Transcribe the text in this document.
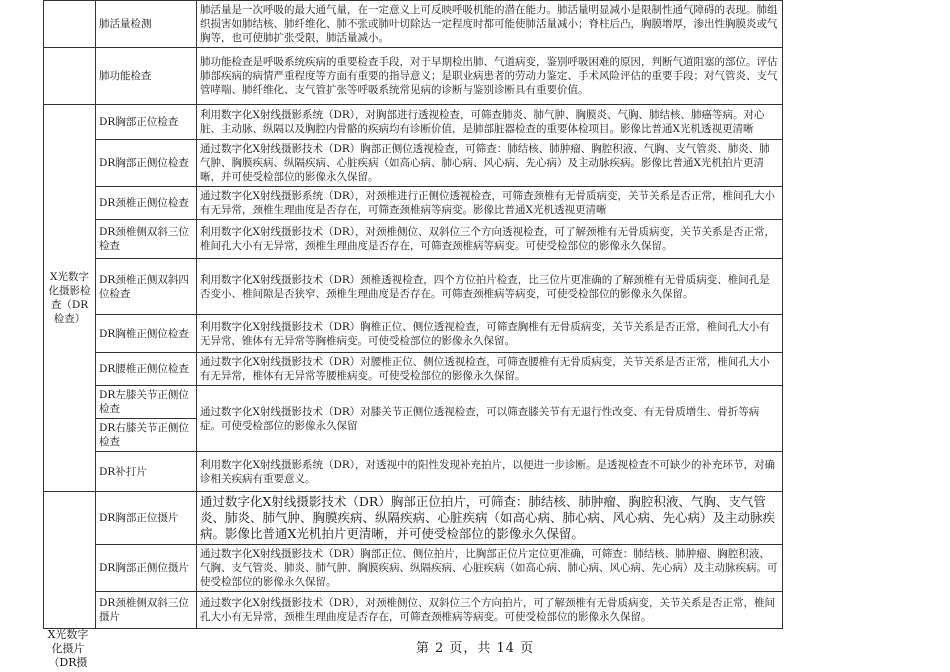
	肺活量检测	肺活量是一次呼吸的最大通气量，在一定意义上可反映呼吸机能的潜在能力。肺活量明显减小是限制性通气障碍的表现。肺组织损害如肺结核、肺纤维化、肺不张或肺叶切除达一定程度时都可能使肺活量减小；脊柱后凸，胸膜增厚，渗出性胸膜炎或气胸等，也可使肺扩张受限，肺活量减小。
	肺功能检查	肺功能检查是呼吸系统疾病的重要检查手段，对于早期检出肺、气道病变，鉴别呼吸困难的原因，判断气道阻塞的部位。评估肺部疾病的病情严重程度等方面有重要的指导意义；是职业病患者的劳动力鉴定、手术风险评估的重要手段；对气管炎、支气管哮喘、肺纤维化、支气管扩张等呼吸系统常见病的诊断与鉴别诊断具有重要价值。
X光数字化摄影检查（DR检查）	DR胸部正位检查	利用数字化X射线摄影系统（DR），对胸部进行透视检查，可筛查肺炎、肺气肿、胸膜炎、气胸、肺结核、肺癌等病。对心脏、主动脉、纵隔以及胸腔内骨骼的疾病均有诊断价值，是肺部脏器检查的重要体检项目。影像比普通X光机透视更清晰
	DR胸部正侧位检查	通过数字化X射线摄影技术（DR）胸部正侧位透视检查，可筛查：肺结核、肺肿瘤、胸腔积液、气胸、支气管炎、肺炎、肺气肿、胸膜疾病、纵隔疾病、心脏疾病（如高心病、肺心病、风心病、先心病）及主动脉疾病。影像比普通X光机拍片更清晰，并可使受检部位的影像永久保留。
	DR颈椎正侧位检查	通过数字化X射线摄影系统（DR），对颈椎进行正侧位透视检查，可筛查颈椎有无骨质病变，关节关系是否正常，椎间孔大小有无异常，颈椎生理曲度是否存在，可筛查颈椎病等病变。影像比普通X光机透视更清晰
	DR颈椎侧双斜三位检查	利用数字化X射线摄影技术（DR），对颈椎侧位、双斜位三个方向透视检查，可了解颈椎有无骨质病变，关节关系是否正常，椎间孔大小有无异常，颈椎生理曲度是否存在，可筛查颈椎病等病变。可使受检部位的影像永久保留。
	DR颈椎正侧双斜四位检查	利用数字化X射线摄影技术（DR）颈椎透视检查，四个方位拍片检查，比三位片更准确的了解颈椎有无骨质病变、椎间孔是否变小、椎间隙是否狭窄、颈椎生理曲度是否存在。可筛查颈椎病等病变，可使受检部位的影像永久保留。
	DR胸椎正侧位检查	利用数字化X射线摄影技术（DR）胸椎正位、侧位透视检查，可筛查胸椎有无骨质病变，关节关系是否正常，椎间孔大小有无异常，锥体有无异常等胸椎病变。可使受检部位的影像永久保留。
	DR腰椎正侧位检查	通过数字化X射线摄影技术（DR）对腰椎正位、侧位透视检查，可筛查腰椎有无骨质病变，关节关系是否正常，椎间孔大小有无异常，椎体有无异常等腰椎病变。可使受检部位的影像永久保留。
	DR左膝关节正侧位检查	通过数字化X射线摄影技术（DR）对膝关节正侧位透视检查，可以筛查膝关节有无退行性改变、有无骨质增生、骨折等病症。可使受检部位的影像永久保留
	DR右膝关节正侧位检查	
	DR补打片	利用数字化X射线摄影系统（DR），对透视中的阳性发现补充拍片，以便进一步诊断。是透视检查不可缺少的补充环节，对确诊相关疾病有重要意义。
	DR胸部正位摄片	通过数字化X射线摄影技术（DR）胸部正位拍片，可筛查：肺结核、肺肿瘤、胸腔积液、气胸、支气管炎、肺炎、肺气肿、胸膜疾病、纵隔疾病、心脏疾病（如高心病、肺心病、风心病、先心病）及主动脉疾病。影像比普通X光机拍片更清晰，并可使受检部位的影像永久保留。
	DR胸部正侧位摄片	通过数字化X射线摄影技术（DR）胸部正位、侧位拍片，比胸部正位片定位更准确，可筛查：肺结核、肺肿瘤、胸腔积液、气胸、支气管炎、肺炎、肺气肿、胸膜疾病、纵隔疾病、心脏疾病（如高心病、肺心病、风心病、先心病）及主动脉疾病。可使受检部位的影像永久保留。
	DR颈椎侧双斜三位摄片	通过数字化X射线摄影技术（DR），对颈椎侧位、双斜位三个方向拍片，可了解颈椎有无骨质病变，关节关系是否正常，椎间孔大小有无异常，颈椎生理曲度是否存在，可筛查颈椎病等病变。可使受检部位的影像永久保留。
X光数字化摄片（DR摄
第 2 页，共 14 页
